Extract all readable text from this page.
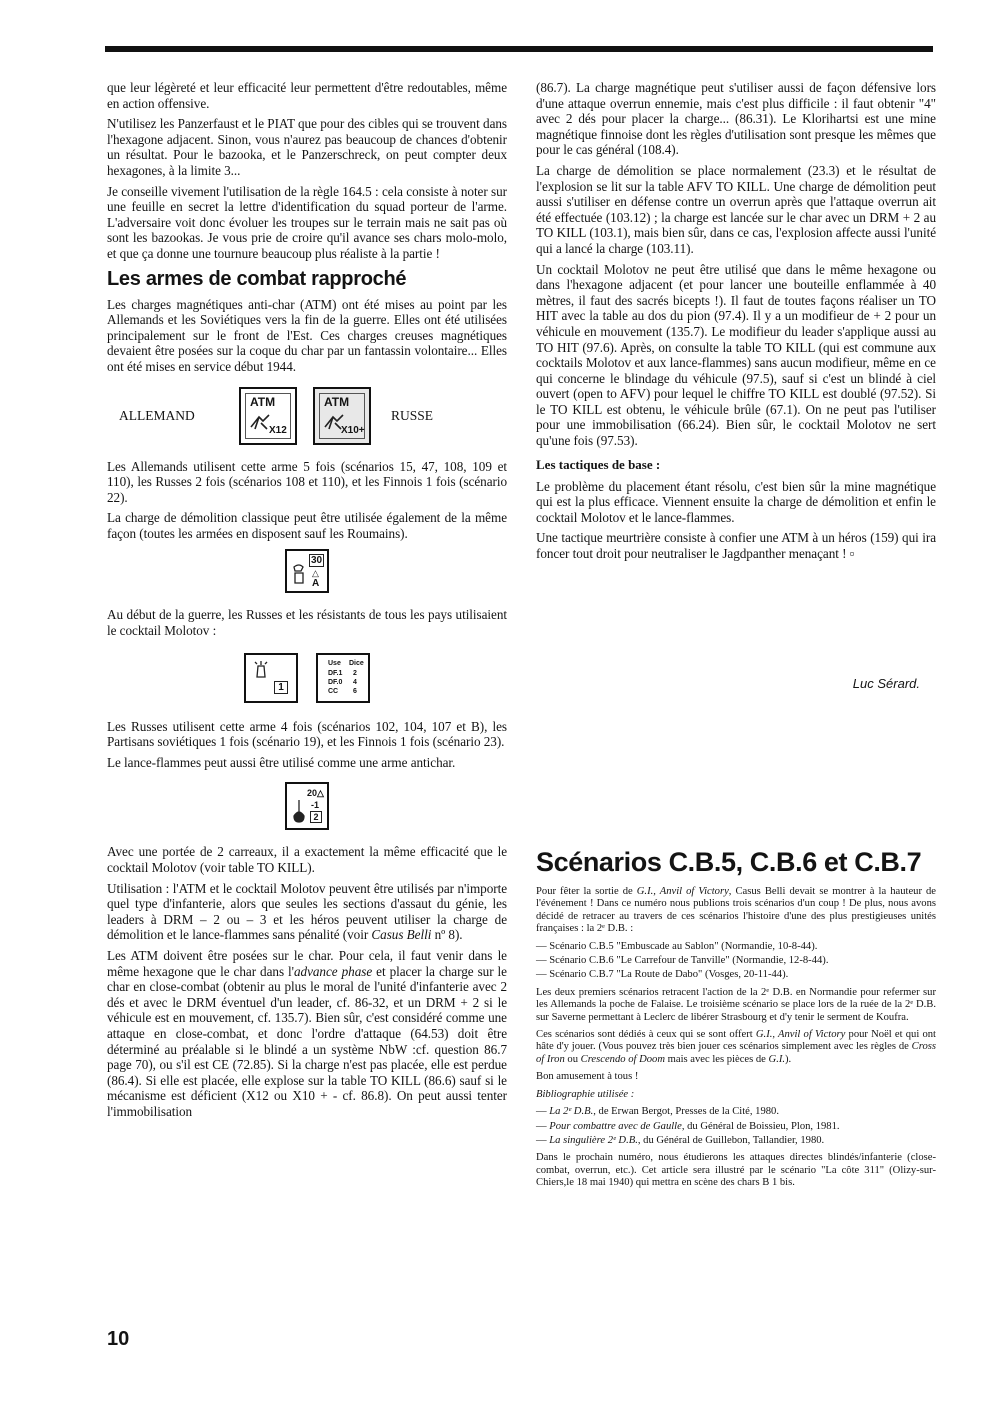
que leur légèreté et leur efficacité leur permettent d'être redoutables, même en action offensive.

N'utilisez les Panzerfaust et le PIAT que pour des cibles qui se trouvent dans l'hexagone adjacent. Sinon, vous n'aurez pas beaucoup de chances d'obtenir un résultat. Pour le bazooka, et le Panzerschreck, on peut compter deux hexagones, à la limite 3...

Je conseille vivement l'utilisation de la règle 164.5 : cela consiste à noter sur une feuille en secret la lettre d'identification du squad porteur de l'arme. L'adversaire voit donc évoluer les troupes sur le terrain mais ne sait pas où sont les bazookas. Je vous prie de croire qu'il avance ses chars molo-molo, et que ça donne une tournure beaucoup plus réaliste à la partie !

Les armes de combat rapproché

Les charges magnétiques anti-char (ATM) ont été mises au point par les Allemands et les Soviétiques vers la fin de la guerre. Elles ont été utilisées principalement sur le front de l'Est. Ces charges creuses magnétiques devaient être posées sur la coque du char par un fantassin volontaire... Elles ont été mises en service début 1944.

ALLEMAND
ATM
X12
ATM
X10+
RUSSE

Les Allemands utilisent cette arme 5 fois (scénarios 15, 47, 108, 109 et 110), les Russes 2 fois (scénarios 108 et 110), et les Finnois 1 fois (scénario 22).

La charge de démolition classique peut être utilisée également de la même façon (toutes les armées en disposent sauf les Roumains).

30
△
A

Au début de la guerre, les Russes et les résistants de tous les pays utilisaient le cocktail Molotov :

1
Use Dice
DF.1 2
DF.0 4
CC 6

Les Russes utilisent cette arme 4 fois (scénarios 102, 104, 107 et B), les Partisans soviétiques 1 fois (scénario 19), et les Finnois 1 fois (scénario 23).

Le lance-flammes peut aussi être utilisé comme une arme antichar.

20△
-1
2

Avec une portée de 2 carreaux, il a exactement la même efficacité que le cocktail Molotov (voir table TO KILL).

Utilisation : l'ATM et le cocktail Molotov peuvent être utilisés par n'importe quel type d'infanterie, alors que seules les sections d'assaut du génie, les leaders à DRM – 2 ou – 3 et les héros peuvent utiliser la charge de démolition et le lance-flammes sans pénalité (voir Casus Belli nº 8).

Les ATM doivent être posées sur le char. Pour cela, il faut venir dans le même hexagone que le char dans l'advance phase et placer la charge sur le char en close-combat (obtenir au plus le moral de l'unité d'infanterie avec 2 dés et avec le DRM éventuel d'un leader, cf. 86-32, et un DRM + 2 si le véhicule est en mouvement, cf. 135.7). Bien sûr, c'est considéré comme une attaque en close-combat, et donc l'ordre d'attaque (64.53) doit être déterminé au préalable si le blindé a un système NbW :cf. question 86.7 page 70), ou s'il est CE (72.85). Si la charge n'est pas placée, elle est perdue (86.4). Si elle est placée, elle explose sur la table TO KILL (86.6) sauf si le mécanisme est déficient (X12 ou X10 + - cf. 86.8). On peut aussi tenter l'immobilisation

(86.7). La charge magnétique peut s'utiliser aussi de façon défensive lors d'une attaque overrun ennemie, mais c'est plus difficile : il faut obtenir "4" avec 2 dés pour placer la charge... (86.31). Le Klorihartsi est une mine magnétique finnoise dont les règles d'utilisation sont presque les mêmes que pour le cas général (108.4).

La charge de démolition se place normalement (23.3) et le résultat de l'explosion se lit sur la table AFV TO KILL. Une charge de démolition peut aussi s'utiliser en défense contre un overrun après que l'attaque overrun ait été effectuée (103.12) ; la charge est lancée sur le char avec un DRM + 2 au TO KILL (103.1), mais bien sûr, dans ce cas, l'explosion affecte aussi l'unité qui a lancé la charge (103.11).

Un cocktail Molotov ne peut être utilisé que dans le même hexagone ou dans l'hexagone adjacent (et pour lancer une bouteille enflammée à 40 mètres, il faut des sacrés bicepts !). Il faut de toutes façons réaliser un TO HIT avec la table au dos du pion (97.4). Il y a un modifieur de + 2 pour un véhicule en mouvement (135.7). Le modifieur du leader s'applique aussi au TO HIT (97.6). Après, on consulte la table TO KILL (qui est commune aux cocktails Molotov et aux lance-flammes) sans aucun modifieur, même en ce qui concerne le blindage du véhicule (97.5), sauf si c'est un blindé à ciel ouvert (open to AFV) pour lequel le chiffre TO KILL est doublé (97.52). Si le TO KILL est obtenu, le véhicule brûle (67.1). On ne peut pas l'utiliser pour une immobilisation (66.24). Bien sûr, le cocktail Molotov ne sert qu'une fois (97.53).

Les tactiques de base :

Le problème du placement étant résolu, c'est bien sûr la mine magnétique qui est la plus efficace. Viennent ensuite la charge de démolition et enfin le cocktail Molotov et le lance-flammes.

Une tactique meurtrière consiste à confier une ATM à un héros (159) qui ira foncer tout droit pour neutraliser le Jagdpanther menaçant ! ▫

Luc Sérard.
Scénarios C.B.5, C.B.6 et C.B.7

Pour fêter la sortie de G.I., Anvil of Victory, Casus Belli devait se montrer à la hauteur de l'événement ! Dans ce numéro nous publions trois scénarios d'un coup ! De plus, nous avons décidé de retracer au travers de ces scénarios l'histoire d'une des plus prestigieuses unités françaises : la 2ᵉ D.B. :

— Scénario C.B.5 "Embuscade au Sablon" (Normandie, 10-8-44).

— Scénario C.B.6 "Le Carrefour de Tanville" (Normandie, 12-8-44).

— Scénario C.B.7 "La Route de Dabo" (Vosges, 20-11-44).

Les deux premiers scénarios retracent l'action de la 2ᵉ D.B. en Normandie pour refermer sur les Allemands la poche de Falaise. Le troisième scénario se place lors de la ruée de la 2ᵉ D.B. sur Saverne permettant à Leclerc de libérer Strasbourg et d'y tenir le serment de Koufra.

Ces scénarios sont dédiés à ceux qui se sont offert G.I., Anvil of Victory pour Noël et qui ont hâte d'y jouer. (Vous pouvez très bien jouer ces scénarios simplement avec les règles de Cross of Iron ou Crescendo of Doom mais avec les pièces de G.I.).

Bon amusement à tous !

Bibliographie utilisée :

— La 2ᵉ D.B., de Erwan Bergot, Presses de la Cité, 1980.

— Pour combattre avec de Gaulle, du Général de Boissieu, Plon, 1981.

— La singulière 2ᵉ D.B., du Général de Guillebon, Tallandier, 1980.

Dans le prochain numéro, nous étudierons les attaques directes blindés/infanterie (close-combat, overrun, etc.). Cet article sera illustré par le scénario "La côte 311" (Olizy-sur-Chiers,le 18 mai 1940) qui mettra en scène des chars B 1 bis.

10
